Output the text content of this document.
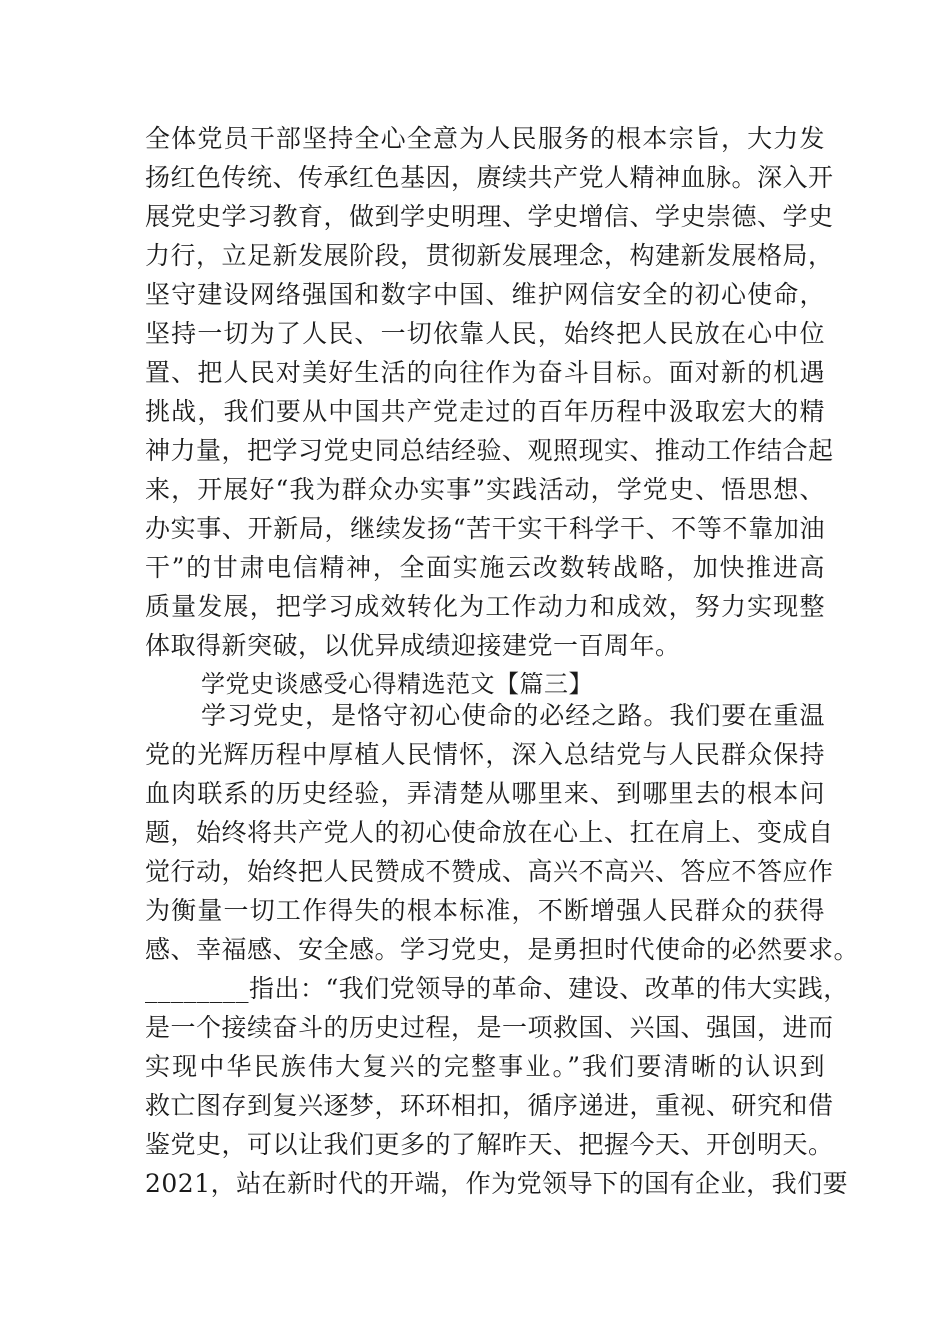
全体党员干部坚持全心全意为人民服务的根本宗旨，大力发
扬红色传统、传承红色基因，赓续共产党人精神血脉。深入开
展党史学习教育，做到学史明理、学史增信、学史崇德、学史
力行，立足新发展阶段，贯彻新发展理念，构建新发展格局，
坚守建设网络强国和数字中国、维护网信安全的初心使命，
坚持一切为了人民、一切依靠人民，始终把人民放在心中位
置、把人民对美好生活的向往作为奋斗目标。面对新的机遇
挑战，我们要从中国共产党走过的百年历程中汲取宏大的精
神力量，把学习党史同总结经验、观照现实、推动工作结合起
来，开展好“我为群众办实事”实践活动，学党史、悟思想、
办实事、开新局，继续发扬“苦干实干科学干、不等不靠加油
干”的甘肃电信精神，全面实施云改数转战略，加快推进高
质量发展，把学习成效转化为工作动力和成效，努力实现整
体取得新突破，以优异成绩迎接建党一百周年。
学党史谈感受心得精选范文【篇三】
学习党史，是恪守初心使命的必经之路。我们要在重温
党的光辉历程中厚植人民情怀，深入总结党与人民群众保持
血肉联系的历史经验，弄清楚从哪里来、到哪里去的根本问
题，始终将共产党人的初心使命放在心上、扛在肩上、变成自
觉行动，始终把人民赞成不赞成、高兴不高兴、答应不答应作
为衡量一切工作得失的根本标准，不断增强人民群众的获得
感、幸福感、安全感。学习党史，是勇担时代使命的必然要求。
________指出：“我们党领导的革命、建设、改革的伟大实践，
是一个接续奋斗的历史过程，是一项救国、兴国、强国，进而
实现中华民族伟大复兴的完整事业。”我们要清晰的认识到
救亡图存到复兴逐梦，环环相扣，循序递进，重视、研究和借
鉴党史，可以让我们更多的了解昨天、把握今天、开创明天。
2021，站在新时代的开端，作为党领导下的国有企业，我们要
